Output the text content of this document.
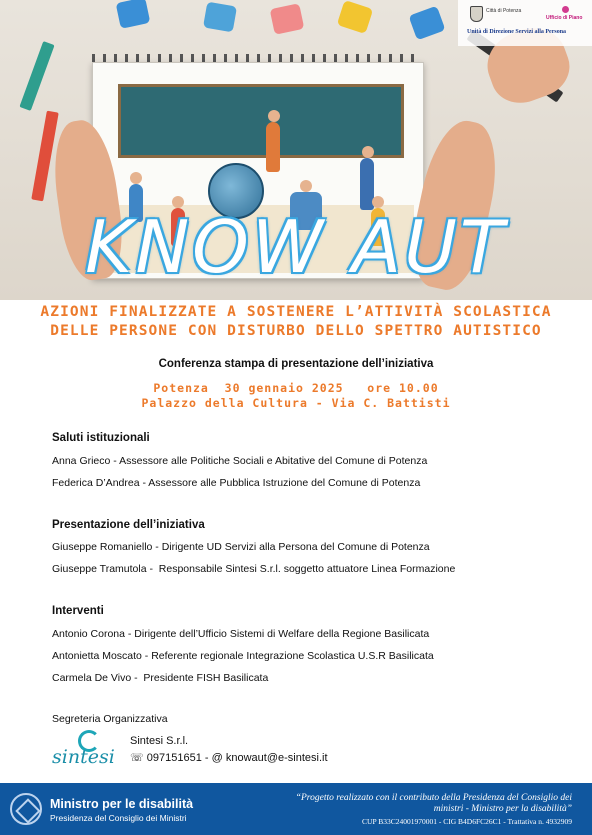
Città di Potenza
Ufficio di Piano
Unità di Direzione Servizi alla Persona
KNOW AUT
AZIONI FINALIZZATE A SOSTENERE L’ATTIVITÀ SCOLASTICA
DELLE PERSONE CON DISTURBO DELLO SPETTRO AUTISTICO
Conferenza stampa di presentazione dell’iniziativa
Potenza  30 gennaio 2025   ore 10.00
Palazzo della Cultura - Via C. Battisti
Saluti istituzionali
Anna Grieco - Assessore alle Politiche Sociali e Abitative del Comune di Potenza
Federica D’Andrea - Assessore alle Pubblica Istruzione del Comune di Potenza
Presentazione dell’iniziativa
Giuseppe Romaniello - Dirigente UD Servizi alla Persona del Comune di Potenza
Giuseppe Tramutola -  Responsabile Sintesi S.r.l. soggetto attuatore Linea Formazione
Interventi
Antonio Corona - Dirigente dell’Ufficio Sistemi di Welfare della Regione Basilicata
Antonietta Moscato - Referente regionale Integrazione Scolastica U.S.R Basilicata
Carmela De Vivo -  Presidente FISH Basilicata
Segreteria Organizzativa
sintesi
Sintesi S.r.l.
☏ 097151651 - @ knowaut@e-sintesi.it
Ministro per le disabilità
Presidenza del Consiglio dei Ministri
“Progetto realizzato con il contributo della Presidenza del Consiglio dei ministri - Ministro per la disabilità”
CUP B33C24001970001 - CIG B4D6FC26C1 - Trattativa n. 4932909
